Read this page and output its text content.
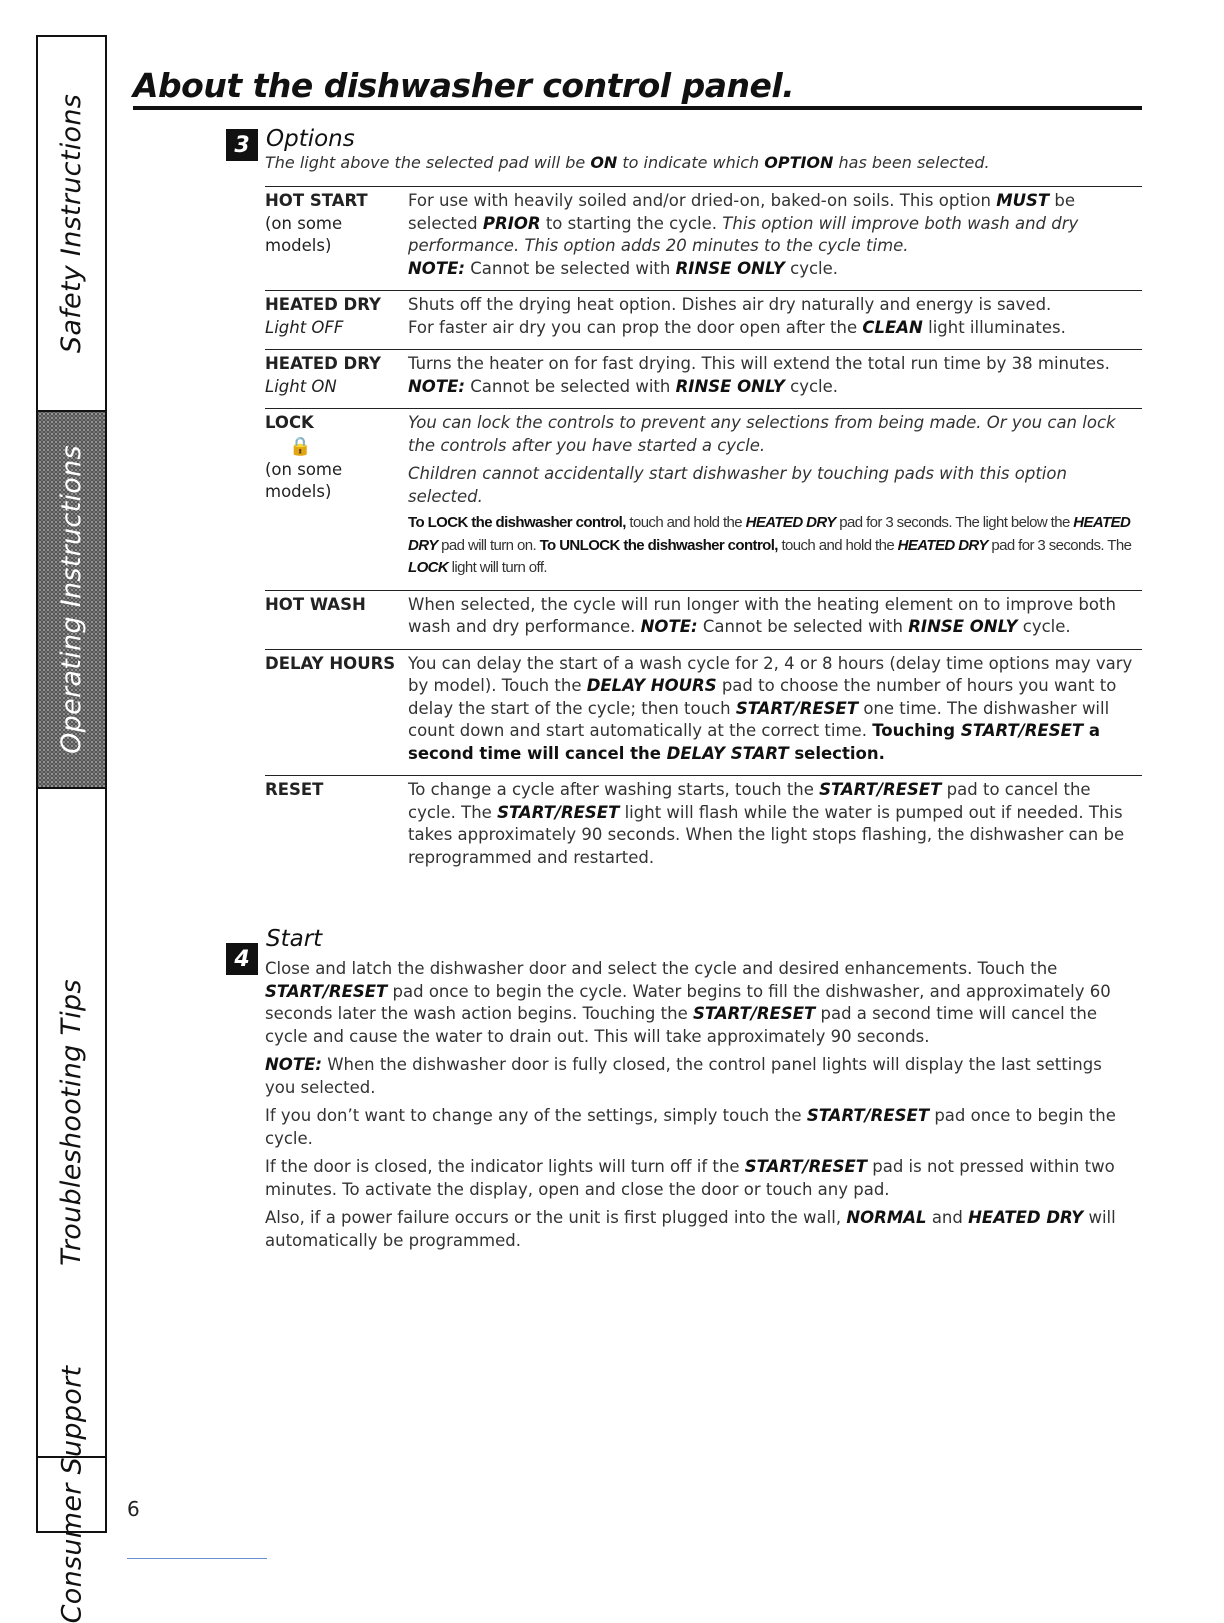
Safety Instructions
Operating Instructions
Troubleshooting Tips
Consumer Support
About the dishwasher control panel.
3 Options
The light above the selected pad will be ON to indicate which OPTION has been selected.
HOT START
(on some
models)

For use with heavily soiled and/or dried-on, baked-on soils. This option MUST be selected PRIOR to starting the cycle. This option will improve both wash and dry performance. This option adds 20 minutes to the cycle time.

NOTE: Cannot be selected with RINSE ONLY cycle.

HEATED DRY
Light OFF

Shuts off the drying heat option. Dishes air dry naturally and energy is saved.

For faster air dry you can prop the door open after the CLEAN light illuminates.

HEATED DRY
Light ON

Turns the heater on for fast drying. This will extend the total run time by 38 minutes.

NOTE: Cannot be selected with RINSE ONLY cycle.

LOCK
🔒
(on some
models)

You can lock the controls to prevent any selections from being made. Or you can lock the controls after you have started a cycle.

Children cannot accidentally start dishwasher by touching pads with this option selected.

To LOCK the dishwasher control, touch and hold the HEATED DRY pad for 3 seconds. The light below the HEATED DRY pad will turn on. To UNLOCK the dishwasher control, touch and hold the HEATED DRY pad for 3 seconds. The LOCK light will turn off.

HOT WASH	When selected, the cycle will run longer with the heating element on to improve both wash and dry performance. NOTE: Cannot be selected with RINSE ONLY cycle.

DELAY HOURS You can delay the start of a wash cycle for 2, 4 or 8 hours (delay time options may vary by model). Touch the DELAY HOURS pad to choose the number of hours you want to delay the start of the cycle; then touch START/RESET one time. The dishwasher will count down and start automatically at the correct time. Touching START/RESET a second time will cancel the DELAY START selection.

RESET	To change a cycle after washing starts, touch the START/RESET pad to cancel the cycle. The START/RESET light will flash while the water is pumped out if needed. This takes approximately 90 seconds. When the light stops flashing, the dishwasher can be reprogrammed and restarted.

4
Start

Close and latch the dishwasher door and select the cycle and desired enhancements. Touch the START/RESET pad once to begin the cycle. Water begins to fill the dishwasher, and approximately 60 seconds later the wash action begins. Touching the START/RESET pad a second time will cancel the cycle and cause the water to drain out. This will take approximately 90 seconds.

NOTE: When the dishwasher door is fully closed, the control panel lights will display the last settings you selected.

If you don’t want to change any of the settings, simply touch the START/RESET pad once to begin the cycle.

If the door is closed, the indicator lights will turn off if the START/RESET pad is not pressed within two minutes. To activate the display, open and close the door or touch any pad.

Also, if a power failure occurs or the unit is first plugged into the wall, NORMAL and HEATED DRY will automatically be programmed.

6
